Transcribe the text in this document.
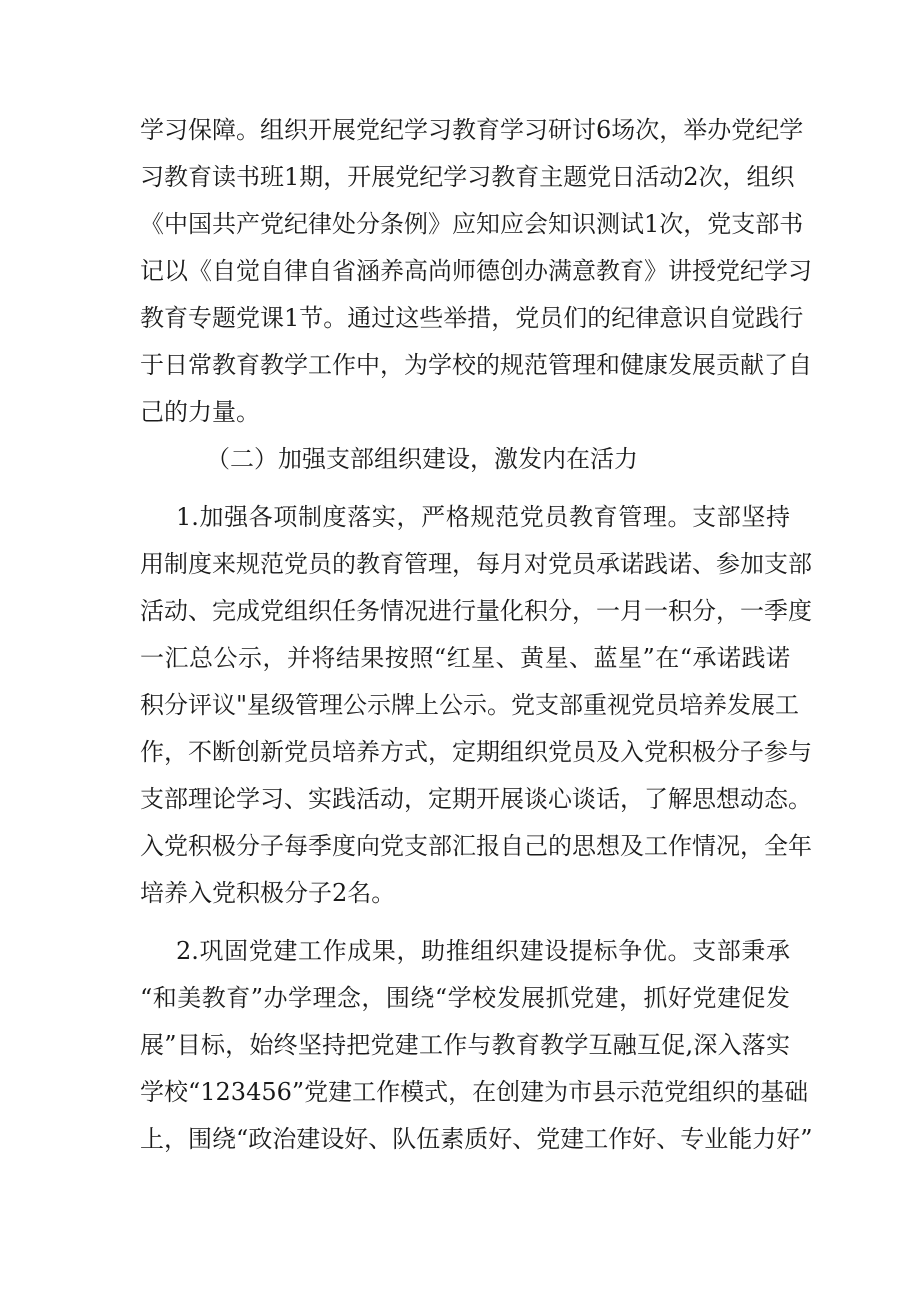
学习保障。组织开展党纪学习教育学习研讨6场次，举办党纪学

习教育读书班1期，开展党纪学习教育主题党日活动2次，组织

《中国共产党纪律处分条例》应知应会知识测试1次，党支部书

记以《自觉自律自省涵养高尚师德创办满意教育》讲授党纪学习

教育专题党课1节。通过这些举措，党员们的纪律意识自觉践行

于日常教育教学工作中，为学校的规范管理和健康发展贡献了自

己的力量。

（二）加强支部组织建设，激发内在活力

1.加强各项制度落实，严格规范党员教育管理。支部坚持

用制度来规范党员的教育管理，每月对党员承诺践诺、参加支部

活动、完成党组织任务情况进行量化积分，一月一积分，一季度

一汇总公示，并将结果按照“红星、黄星、蓝星”在“承诺践诺

积分评议"星级管理公示牌上公示。党支部重视党员培养发展工

作，不断创新党员培养方式，定期组织党员及入党积极分子参与

支部理论学习、实践活动，定期开展谈心谈话，了解思想动态。

入党积极分子每季度向党支部汇报自己的思想及工作情况，全年

培养入党积极分子2名。

2.巩固党建工作成果，助推组织建设提标争优。支部秉承

“和美教育”办学理念，围绕“学校发展抓党建，抓好党建促发

展”目标，始终坚持把党建工作与教育教学互融互促,深入落实

学校“123456”党建工作模式，在创建为市县示范党组织的基础

上，围绕“政治建设好、队伍素质好、党建工作好、专业能力好”
